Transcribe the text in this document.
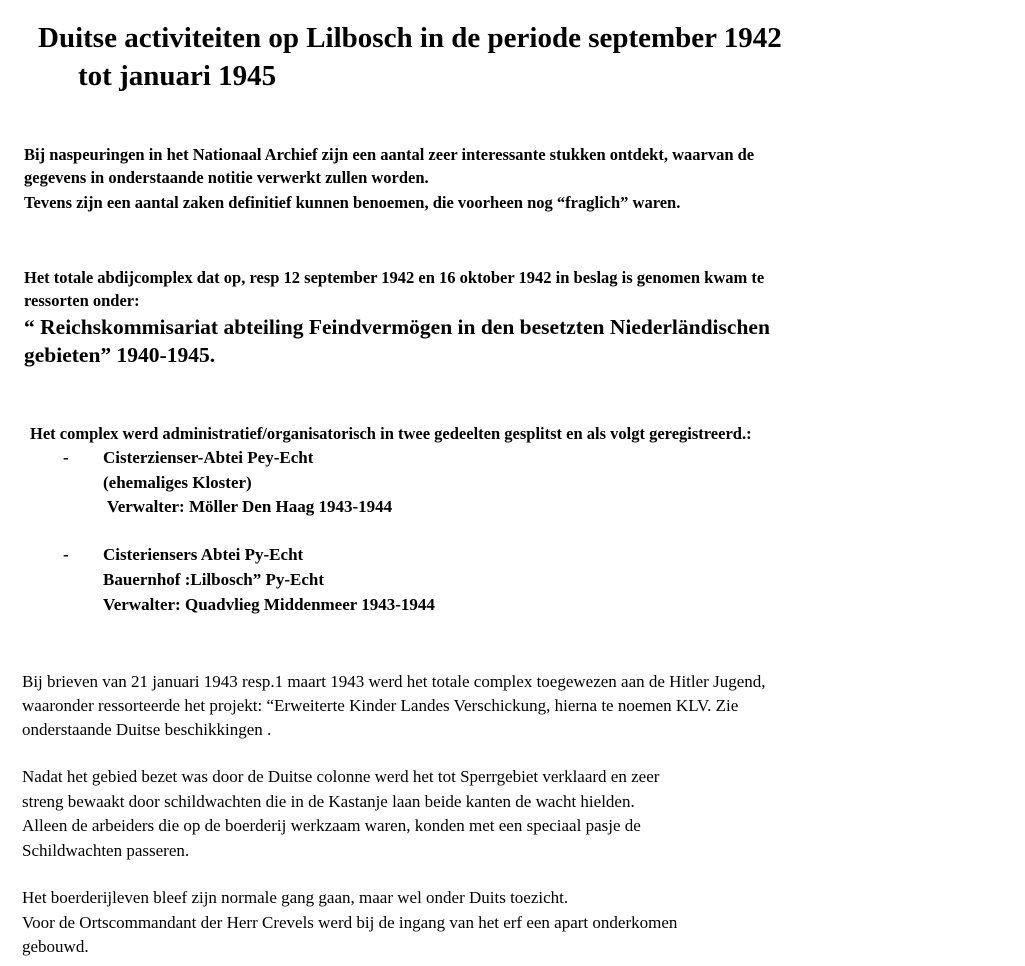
Duitse activiteiten op Lilbosch in de periode september 1942
tot januari 1945

Bij naspeuringen in het Nationaal Archief zijn een aantal zeer interessante stukken ontdekt, waarvan de

gegevens in onderstaande notitie verwerkt zullen worden.

Tevens zijn een aantal zaken definitief kunnen benoemen, die voorheen nog “fraglich” waren.

Het totale abdijcomplex dat op, resp 12 september 1942 en 16 oktober 1942 in beslag is genomen kwam te

ressorten onder:

“ Reichskommisariat abteiling Feindvermögen in den besetzten Niederländischen

gebieten” 1940-1945.

Het complex werd administratief/organisatorisch in twee gedeelten gesplitst en als volgt geregistreerd.:

- Cisterzienser-Abtei Pey-Echt

(ehemaliges Kloster)

Verwalter: Möller Den Haag 1943-1944

- Cisteriensers Abtei Py-Echt

Bauernhof :Lilbosch” Py-Echt

Verwalter: Quadvlieg Middenmeer 1943-1944

Bij brieven van 21 januari 1943 resp.1 maart 1943 werd het totale complex toegewezen aan de Hitler Jugend,

waaronder ressorteerde het projekt: “Erweiterte Kinder Landes Verschickung, hierna te noemen KLV. Zie

onderstaande Duitse beschikkingen .

Nadat het gebied bezet was door de Duitse colonne werd het tot Sperrgebiet verklaard en zeer

streng bewaakt door schildwachten die in de Kastanje laan beide kanten de wacht hielden.

Alleen de arbeiders die op de boerderij werkzaam waren, konden met een speciaal pasje de

Schildwachten passeren.

Het boerderijleven bleef zijn normale gang gaan, maar wel onder Duits toezicht.

Voor de Ortscommandant der Herr Crevels werd bij de ingang van het erf een apart onderkomen

gebouwd.
